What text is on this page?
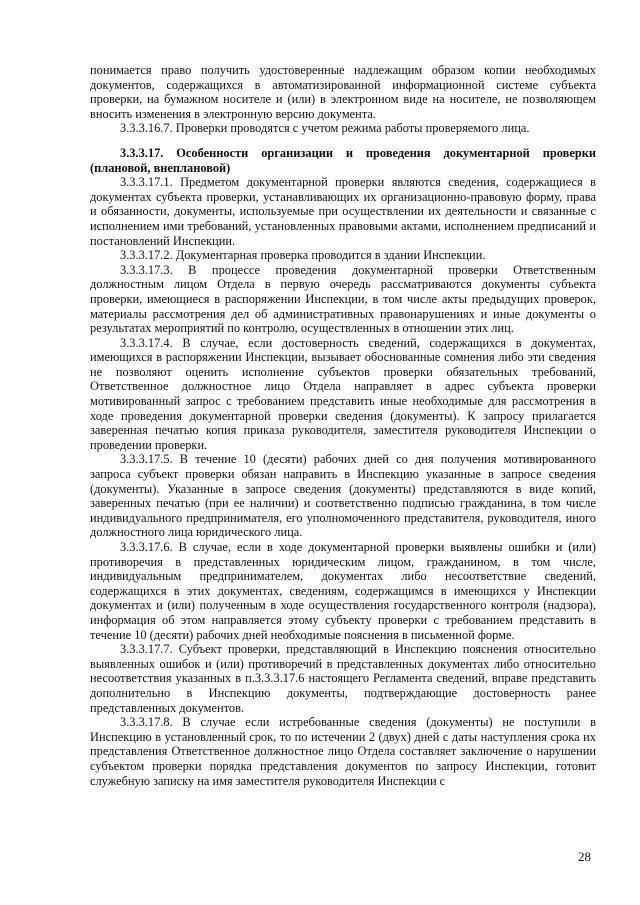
понимается право получить удостоверенные надлежащим образом копии необходимых документов, содержащихся в автоматизированной информационной системе субъекта проверки, на бумажном носителе и (или) в электронном виде на носителе, не позволяющем вносить изменения в электронную версию документа.

3.3.3.16.7. Проверки проводятся с учетом режима работы проверяемого лица.

3.3.3.17. Особенности организации и проведения документарной проверки (плановой, внеплановой)

3.3.3.17.1. Предметом документарной проверки являются сведения, содержащиеся в документах субъекта проверки, устанавливающих их организационно-правовую форму, права и обязанности, документы, используемые при осуществлении их деятельности и связанные с исполнением ими требований, установленных правовыми актами, исполнением предписаний и постановлений Инспекции.

3.3.3.17.2. Документарная проверка проводится в здании Инспекции.

3.3.3.17.3. В процессе проведения документарной проверки Ответственным должностным лицом Отдела в первую очередь рассматриваются документы субъекта проверки, имеющиеся в распоряжении Инспекции, в том числе акты предыдущих проверок, материалы рассмотрения дел об административных правонарушениях и иные документы о результатах мероприятий по контролю, осуществленных в отношении этих лиц.

3.3.3.17.4. В случае, если достоверность сведений, содержащихся в документах, имеющихся в распоряжении Инспекции, вызывает обоснованные сомнения либо эти сведения не позволяют оценить исполнение субъектов проверки обязательных требований, Ответственное должностное лицо Отдела направляет в адрес субъекта проверки мотивированный запрос с требованием представить иные необходимые для рассмотрения в ходе проведения документарной проверки сведения (документы). К запросу прилагается заверенная печатью копия приказа руководителя, заместителя руководителя Инспекции о проведении проверки.

3.3.3.17.5. В течение 10 (десяти) рабочих дней со дня получения мотивированного запроса субъект проверки обязан направить в Инспекцию указанные в запросе сведения (документы). Указанные в запросе сведения (документы) представляются в виде копий, заверенных печатью (при ее наличии) и соответственно подписью гражданина, в том числе индивидуального предпринимателя, его уполномоченного представителя, руководителя, иного должностного лица юридического лица.

3.3.3.17.6. В случае, если в ходе документарной проверки выявлены ошибки и (или) противоречия в представленных юридическим лицом, гражданином, в том числе, индивидуальным предпринимателем, документах либо несоответствие сведений, содержащихся в этих документах, сведениям, содержащимся в имеющихся у Инспекции документах и (или) полученным в ходе осуществления государственного контроля (надзора), информация об этом направляется этому субъекту проверки с требованием представить в течение 10 (десяти) рабочих дней необходимые пояснения в письменной форме.

3.3.3.17.7. Субъект проверки, представляющий в Инспекцию пояснения относительно выявленных ошибок и (или) противоречий в представленных документах либо относительно несоответствия указанных в п.3.3.3.17.6 настоящего Регламента сведений, вправе представить дополнительно в Инспекцию документы, подтверждающие достоверность ранее представленных документов.

3.3.3.17.8. В случае если истребованные сведения (документы) не поступили в Инспекцию в установленный срок, то по истечении 2 (двух) дней с даты наступления срока их представления Ответственное должностное лицо Отдела составляет заключение о нарушении субъектом проверки порядка представления документов по запросу Инспекции, готовит служебную записку на имя заместителя руководителя Инспекции с

28
